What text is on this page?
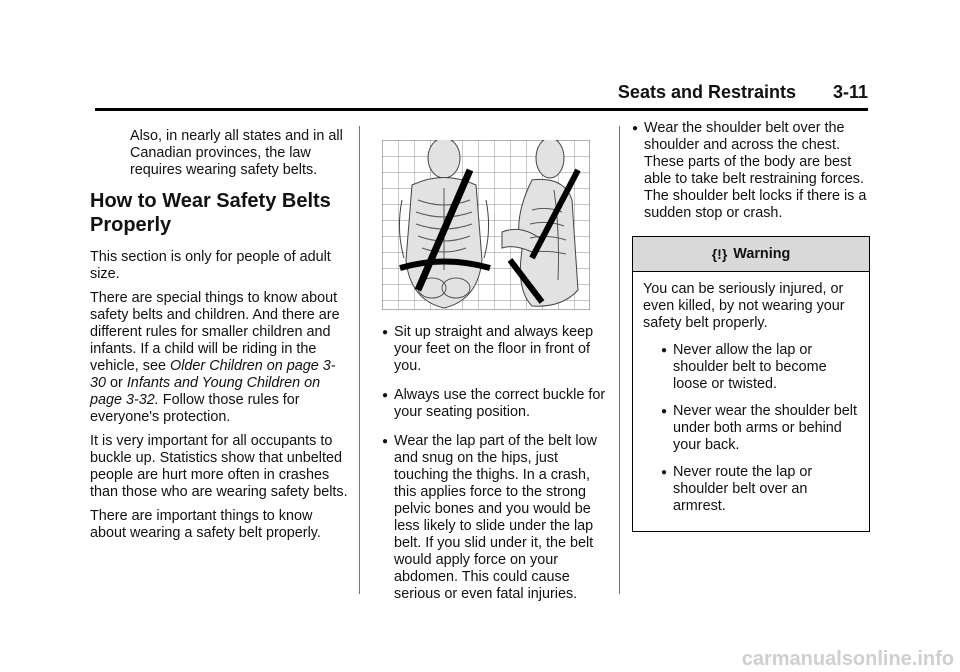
Seats and Restraints 3-11

Also, in nearly all states and in all Canadian provinces, the law requires wearing safety belts.

How to Wear Safety Belts Properly

This section is only for people of adult size.

There are special things to know about safety belts and children. And there are different rules for smaller children and infants. If a child will be riding in the vehicle, see Older Children on page 3-30 or Infants and Young Children on page 3-32. Follow those rules for everyone's protection.

It is very important for all occupants to buckle up. Statistics show that unbelted people are hurt more often in crashes than those who are wearing safety belts.

There are important things to know about wearing a safety belt properly.

● Sit up straight and always keep your feet on the floor in front of you.
● Always use the correct buckle for your seating position.
● Wear the lap part of the belt low and snug on the hips, just touching the thighs. In a crash, this applies force to the strong pelvic bones and you would be less likely to slide under the lap belt. If you slid under it, the belt would apply force on your abdomen. This could cause serious or even fatal injuries.
● Wear the shoulder belt over the shoulder and across the chest. These parts of the body are best able to take belt restraining forces. The shoulder belt locks if there is a sudden stop or crash.
{!} Warning

You can be seriously injured, or even killed, by not wearing your safety belt properly.

● Never allow the lap or shoulder belt to become loose or twisted.
● Never wear the shoulder belt under both arms or behind your back.
● Never route the lap or shoulder belt over an armrest.
carmanualsonline.info
